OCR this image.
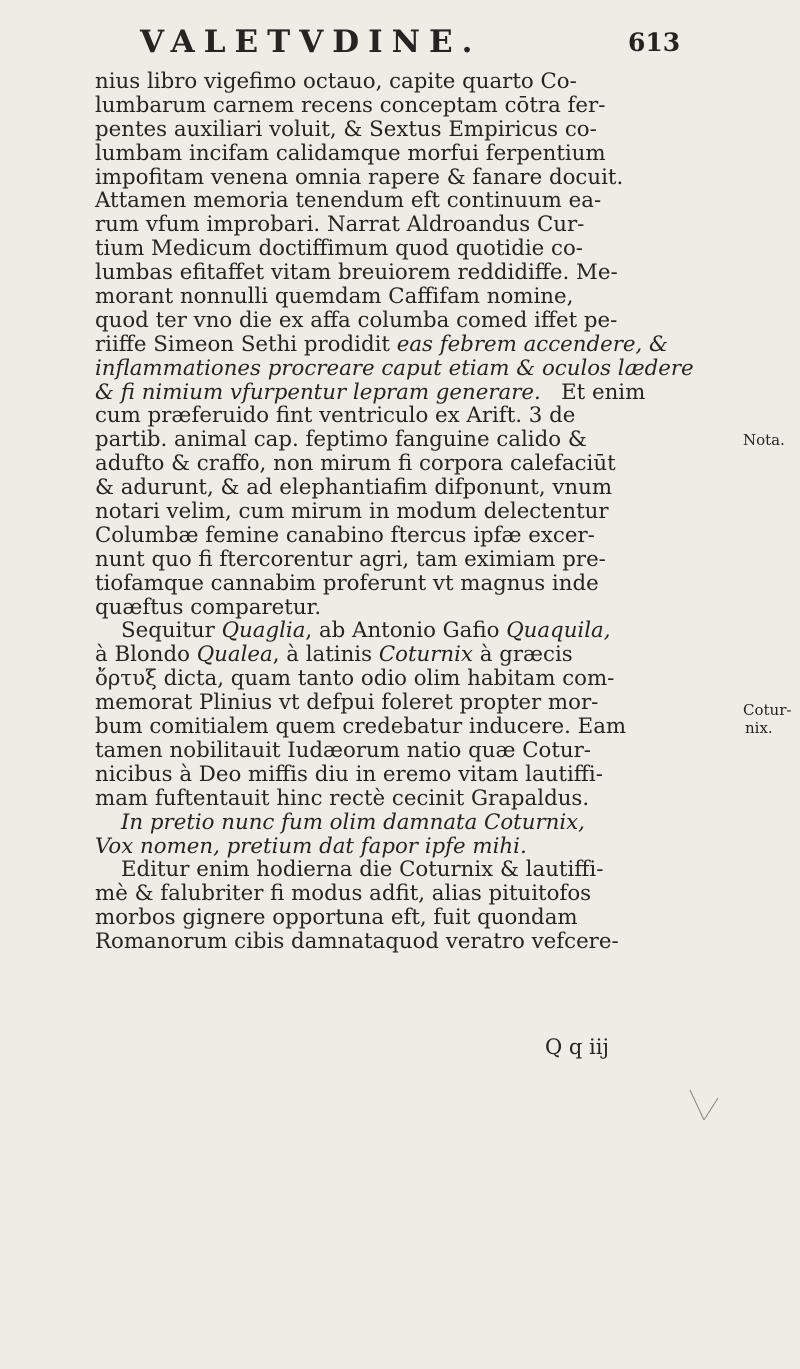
VALETVDINE.	613
nius libro vigefimo octauo, capite quarto Co-
lumbarum carnem recens conceptam cōtra fer-
pentes auxiliari voluit, & Sextus Empiricus co-
lumbam incifam calidamque morfui ferpentium
impofitam venena omnia rapere & fanare docuit.
Attamen memoria tenendum eft continuum ea-
rum vfum improbari. Narrat Aldroandus Cur-
tium Medicum doctiffimum quod quotidie co-
lumbas efitaffet vitam breuiorem reddidiffe. Me-
morant nonnulli quemdam Caffifam nomine,
quod ter vno die ex affa columba comed iffet pe-
riiffe Simeon Sethi prodidit eas febrem accendere, &
inflammationes procreare caput etiam & oculos lædere
& fi nimium vfurpentur lepram generare. Et enim
cum præferuido fint ventriculo ex Arift. 3 de
partib. animal cap. feptimo fanguine calido &
adufto & craffo, non mirum fi corpora calefaciūt
& adurunt, & ad elephantiafim difponunt, vnum
notari velim, cum mirum in modum delectentur
Columbæ femine canabino ftercus ipfæ excer-
nunt quo fi ftercorentur agri, tam eximiam pre-
tiofamque cannabim proferunt vt magnus inde
quæftus comparetur.
Sequitur Quaglia, ab Antonio Gafio Quaquila,
à Blondo Qualea, à latinis Coturnix à græcis
ὄρτυξ dicta, quam tanto odio olim habitam com-
memorat Plinius vt defpui foleret propter mor-
bum comitialem quem credebatur inducere. Eam
tamen nobilitauit Iudæorum natio quæ Cotur-
nicibus à Deo miffis diu in eremo vitam lautiffi-
mam fuftentauit hinc rectè cecinit Grapaldus.
In pretio nunc fum olim damnata Coturnix,
Vox nomen, pretium dat fapor ipfe mihi.
Editur enim hodierna die Coturnix & lautiffi-
mè & falubriter fi modus adfit, alias pituitofos
morbos gignere opportuna eft, fuit quondam
Romanorum cibis damnataquod veratro vefcere-
Nota.
Cotur-
nix.
Q q iij
